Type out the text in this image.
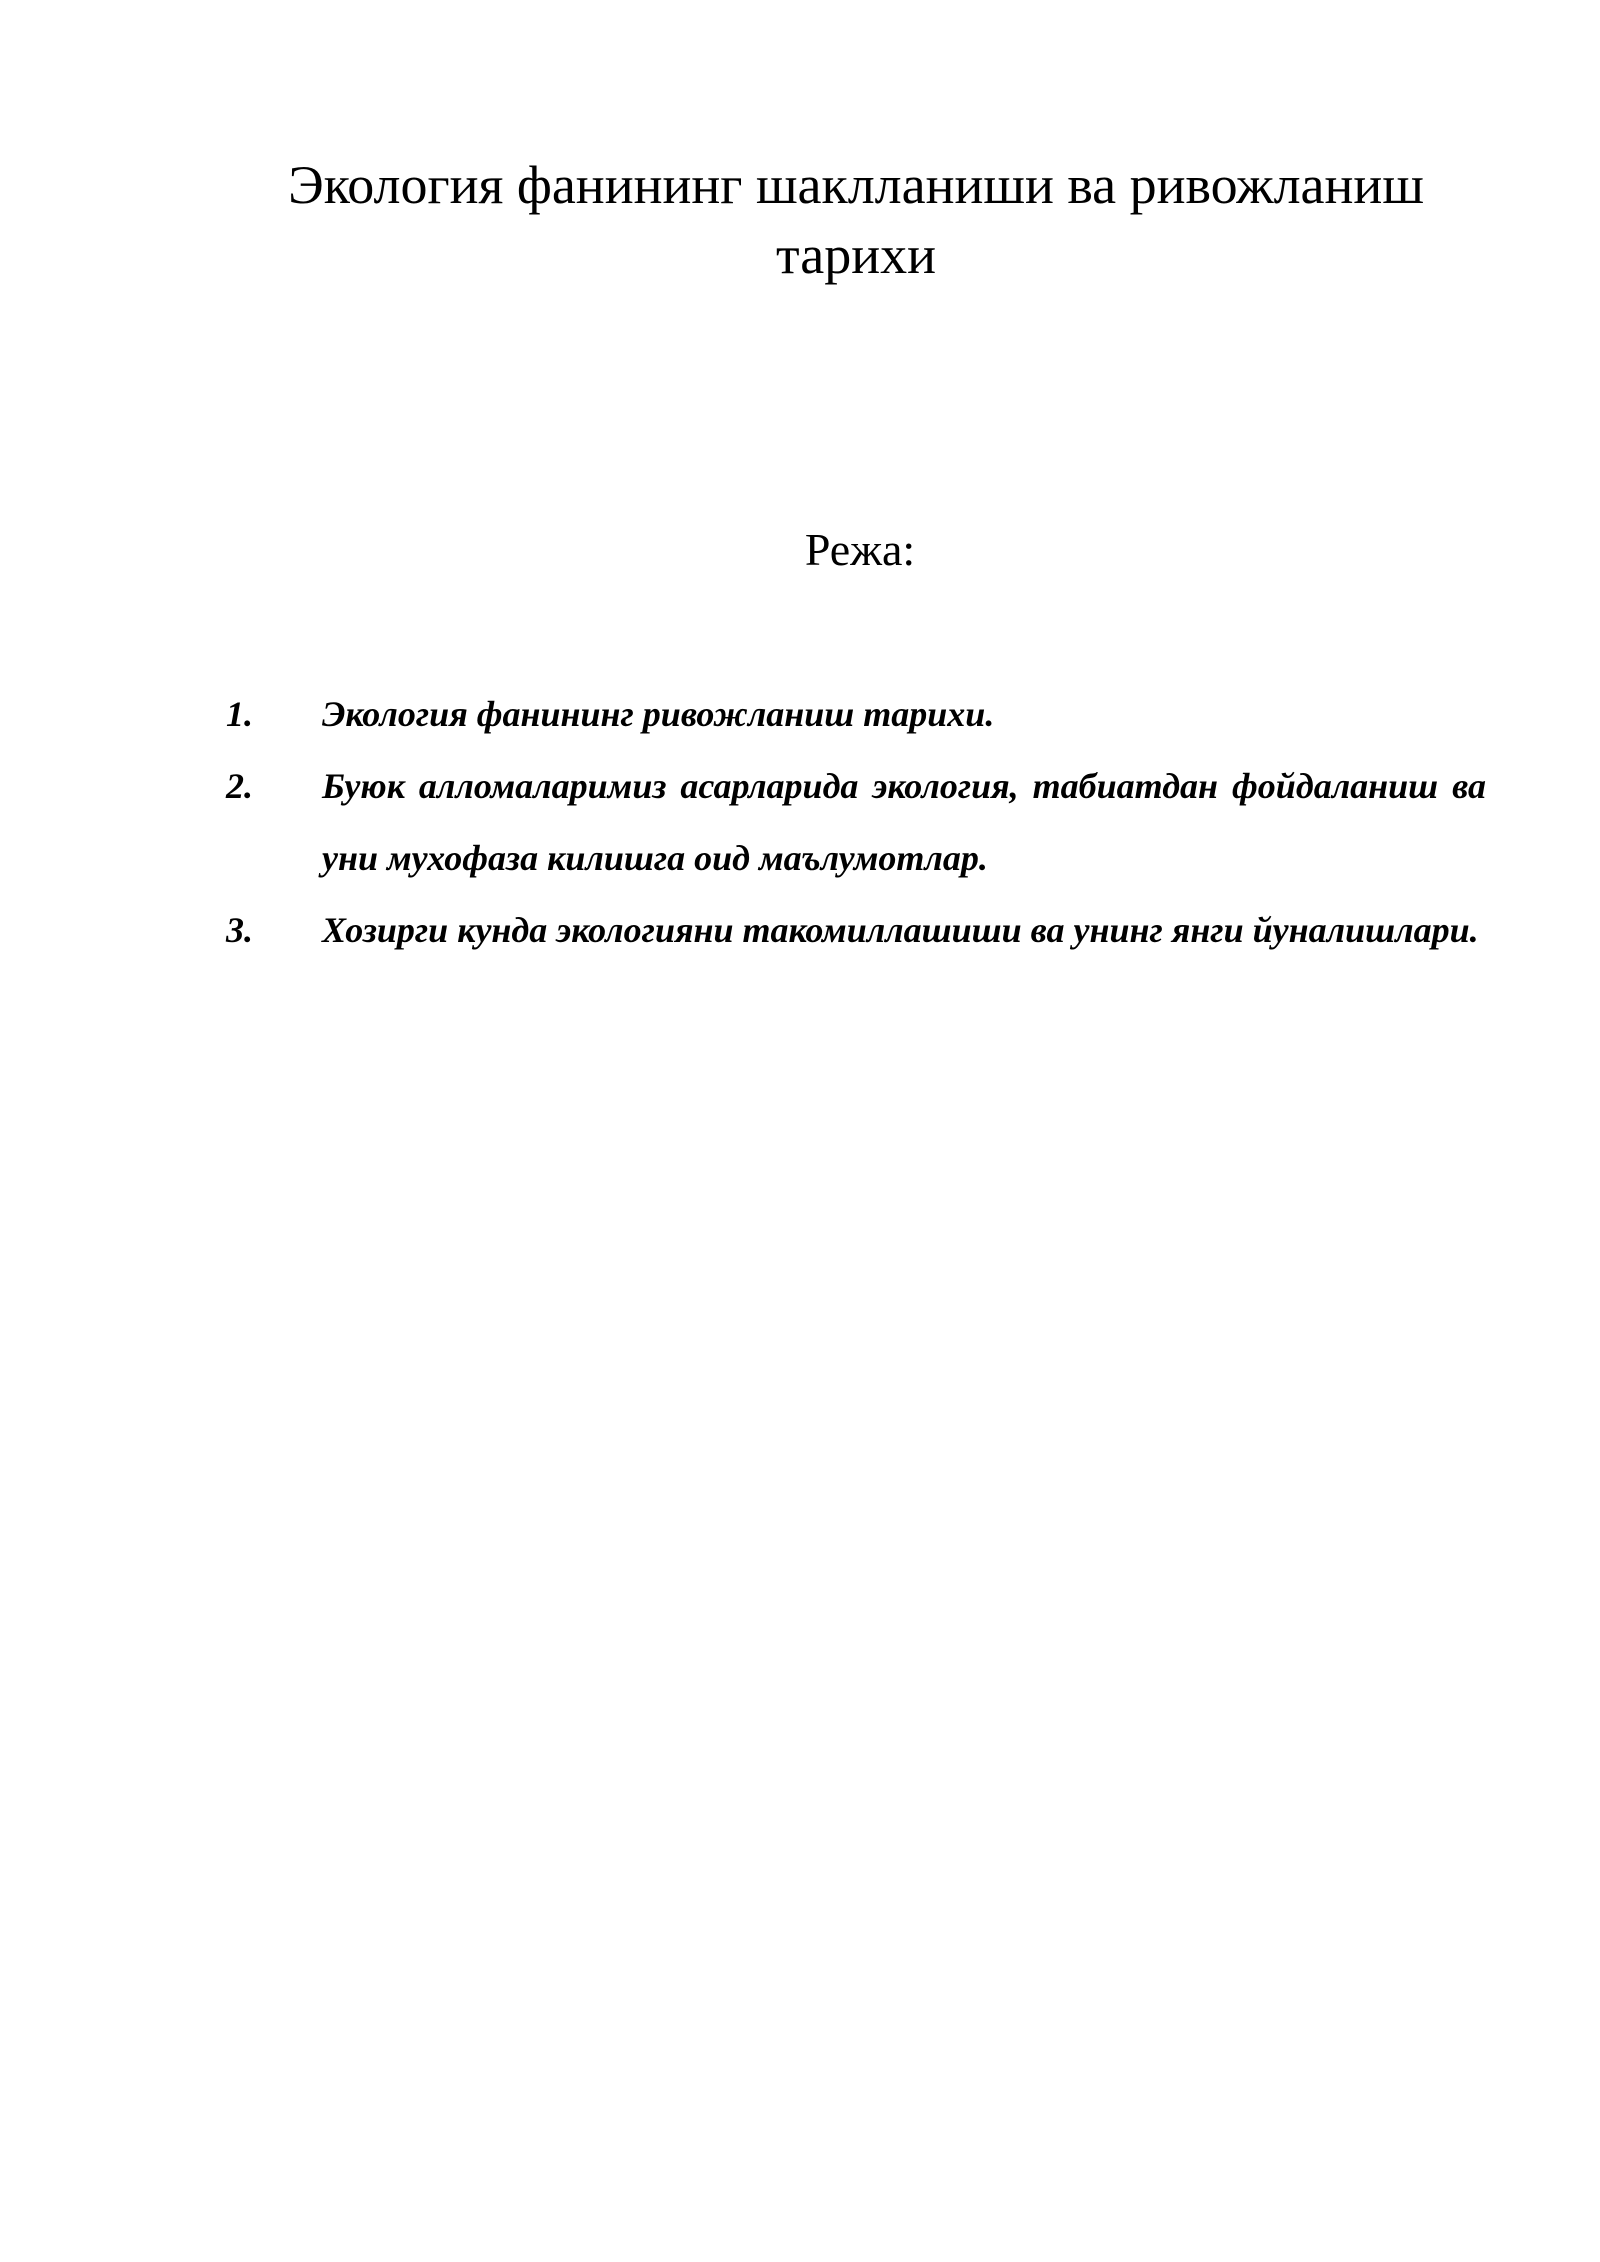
Экология фанининг шаклланиши ва ривожланиш тарихи
Режа:
1.	Экология фанининг ривожланиш тарихи.
2.	Буюк алломаларимиз асарларида экология, табиатдан фойдаланиш ва уни мухофаза килишга оид маълумотлар.
3.	Хозирги кунда экологияни такомиллашиши ва унинг янги йуналишлари.
